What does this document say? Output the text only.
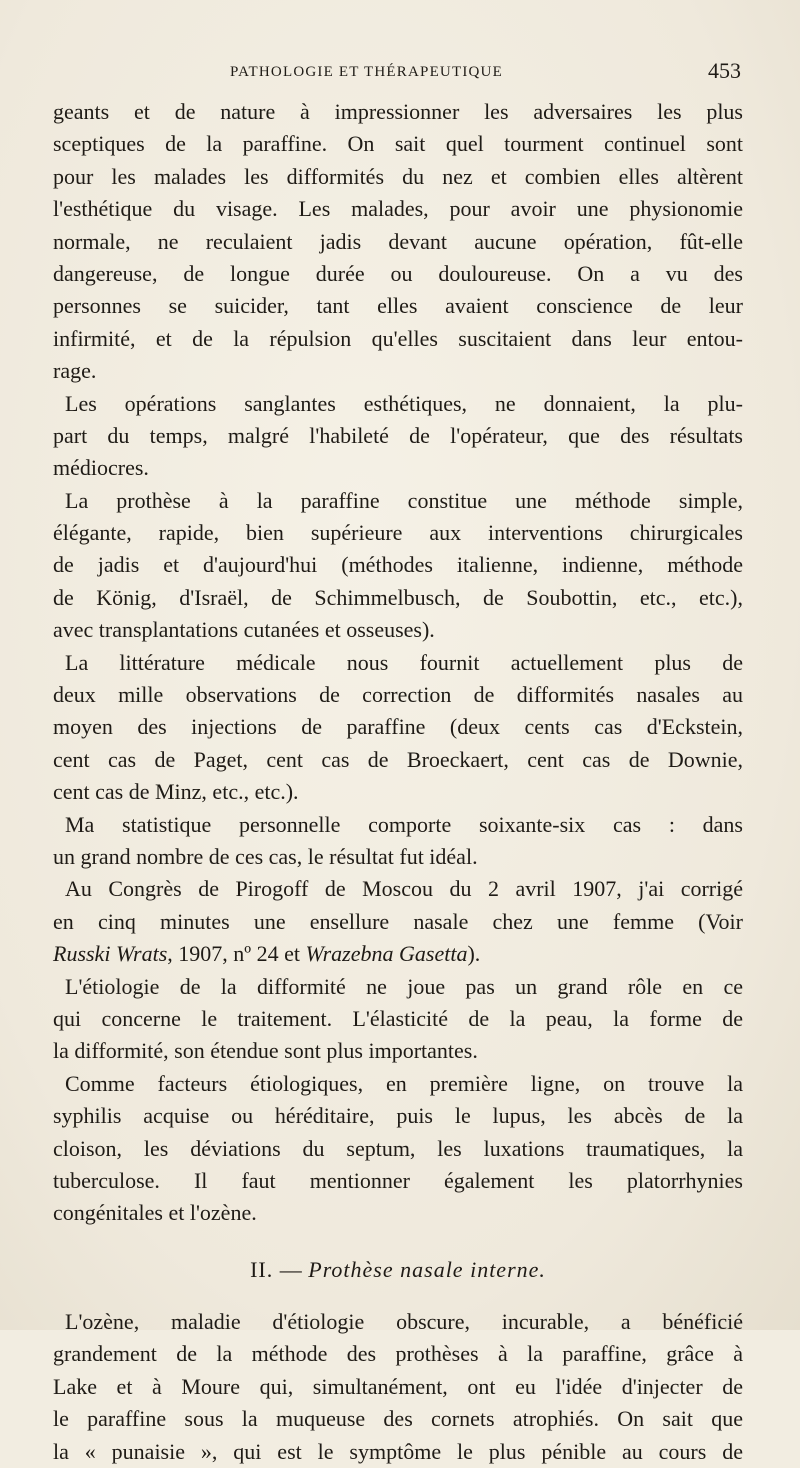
PATHOLOGIE ET THÉRAPEUTIQUE	453
geants et de nature à impressionner les adversaires les plus
sceptiques de la paraffine. On sait quel tourment continuel sont
pour les malades les difformités du nez et combien elles altèrent
l'esthétique du visage. Les malades, pour avoir une physionomie
normale, ne reculaient jadis devant aucune opération, fût-elle
dangereuse, de longue durée ou douloureuse. On a vu des
personnes se suicider, tant elles avaient conscience de leur
infirmité, et de la répulsion qu'elles suscitaient dans leur entou-
rage.
Les opérations sanglantes esthétiques, ne donnaient, la plu-
part du temps, malgré l'habileté de l'opérateur, que des résultats
médiocres.
La prothèse à la paraffine constitue une méthode simple,
élégante, rapide, bien supérieure aux interventions chirurgicales
de jadis et d'aujourd'hui (méthodes italienne, indienne, méthode
de König, d'Israël, de Schimmelbusch, de Soubottin, etc., etc.),
avec transplantations cutanées et osseuses).
La littérature médicale nous fournit actuellement plus de
deux mille observations de correction de difformités nasales au
moyen des injections de paraffine (deux cents cas d'Eckstein,
cent cas de Paget, cent cas de Broeckaert, cent cas de Downie,
cent cas de Minz, etc., etc.).
Ma statistique personnelle comporte soixante-six cas : dans
un grand nombre de ces cas, le résultat fut idéal.
Au Congrès de Pirogoff de Moscou du 2 avril 1907, j'ai corrigé
en cinq minutes une ensellure nasale chez une femme (Voir
Russki Wrats, 1907, nº 24 et Wrazebna Gasetta).
L'étiologie de la difformité ne joue pas un grand rôle en ce
qui concerne le traitement. L'élasticité de la peau, la forme de
la difformité, son étendue sont plus importantes.
Comme facteurs étiologiques, en première ligne, on trouve la
syphilis acquise ou héréditaire, puis le lupus, les abcès de la
cloison, les déviations du septum, les luxations traumatiques, la
tuberculose. Il faut mentionner également les platorrhynies
congénitales et l'ozène.
II. — Prothèse nasale interne.
L'ozène, maladie d'étiologie obscure, incurable, a bénéficié
grandement de la méthode des prothèses à la paraffine, grâce à
Lake et à Moure qui, simultanément, ont eu l'idée d'injecter de
le paraffine sous la muqueuse des cornets atrophiés. On sait que
la « punaisie », qui est le symptôme le plus pénible au cours de
